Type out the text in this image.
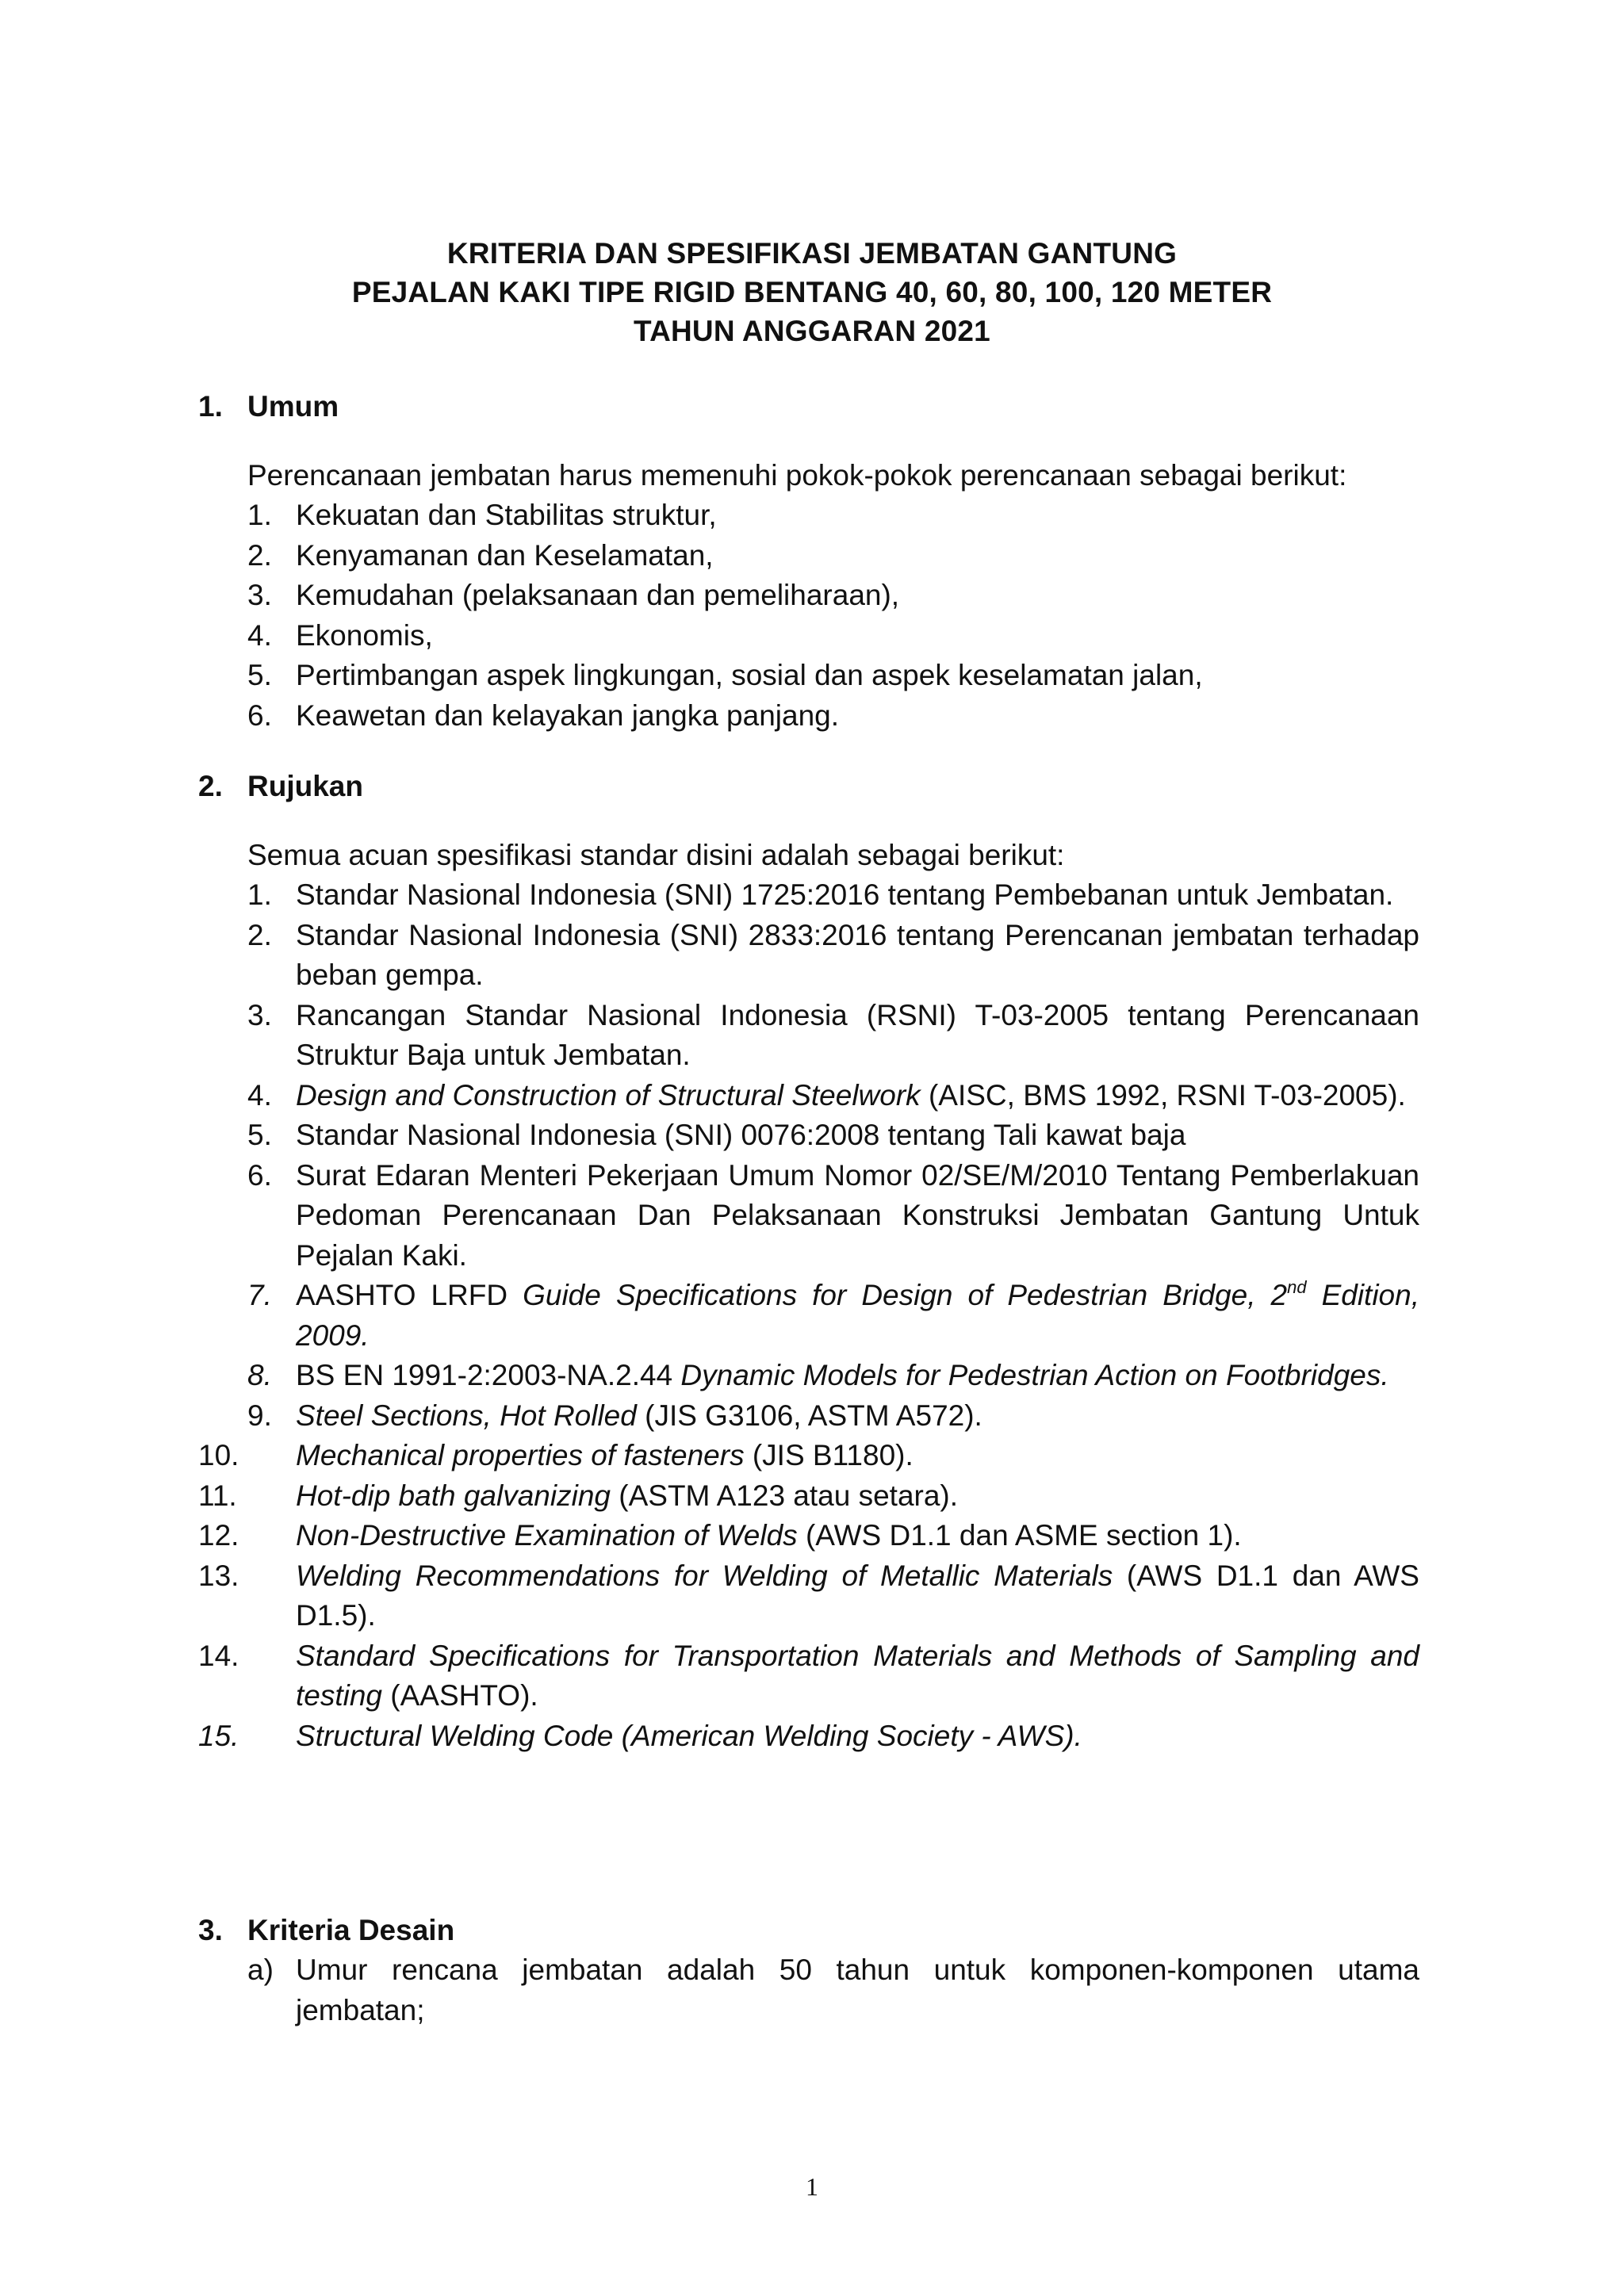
KRITERIA DAN SPESIFIKASI JEMBATAN GANTUNG
PEJALAN KAKI TIPE RIGID BENTANG 40, 60, 80, 100, 120 METER
TAHUN ANGGARAN 2021
1. Umum
Perencanaan jembatan harus memenuhi pokok-pokok perencanaan sebagai berikut:
1. Kekuatan dan Stabilitas struktur,
2. Kenyamanan dan Keselamatan,
3. Kemudahan (pelaksanaan dan pemeliharaan),
4. Ekonomis,
5. Pertimbangan aspek lingkungan, sosial dan aspek keselamatan jalan,
6. Keawetan dan kelayakan jangka panjang.
2. Rujukan
Semua acuan spesifikasi standar disini adalah sebagai berikut:
1. Standar Nasional Indonesia (SNI) 1725:2016 tentang Pembebanan untuk Jembatan.
2. Standar Nasional Indonesia (SNI) 2833:2016 tentang Perencanan jembatan terhadap beban gempa.
3. Rancangan Standar Nasional Indonesia (RSNI) T-03-2005 tentang Perencanaan Struktur Baja untuk Jembatan.
4. Design and Construction of Structural Steelwork (AISC, BMS 1992, RSNI T-03-2005).
5. Standar Nasional Indonesia (SNI) 0076:2008 tentang Tali kawat baja
6. Surat Edaran Menteri Pekerjaan Umum Nomor 02/SE/M/2010 Tentang Pemberlakuan Pedoman Perencanaan Dan Pelaksanaan Konstruksi Jembatan Gantung Untuk Pejalan Kaki.
7. AASHTO LRFD Guide Specifications for Design of Pedestrian Bridge, 2nd Edition, 2009.
8. BS EN 1991-2:2003-NA.2.44 Dynamic Models for Pedestrian Action on Footbridges.
9. Steel Sections, Hot Rolled (JIS G3106, ASTM A572).
10. Mechanical properties of fasteners (JIS B1180).
11. Hot-dip bath galvanizing (ASTM A123 atau setara).
12. Non-Destructive Examination of Welds (AWS D1.1 dan ASME section 1).
13. Welding Recommendations for Welding of Metallic Materials (AWS D1.1 dan AWS D1.5).
14. Standard Specifications for Transportation Materials and Methods of Sampling and testing (AASHTO).
15. Structural Welding Code (American Welding Society - AWS).
3. Kriteria Desain
a) Umur rencana jembatan adalah 50 tahun untuk komponen-komponen utama jembatan;
1
